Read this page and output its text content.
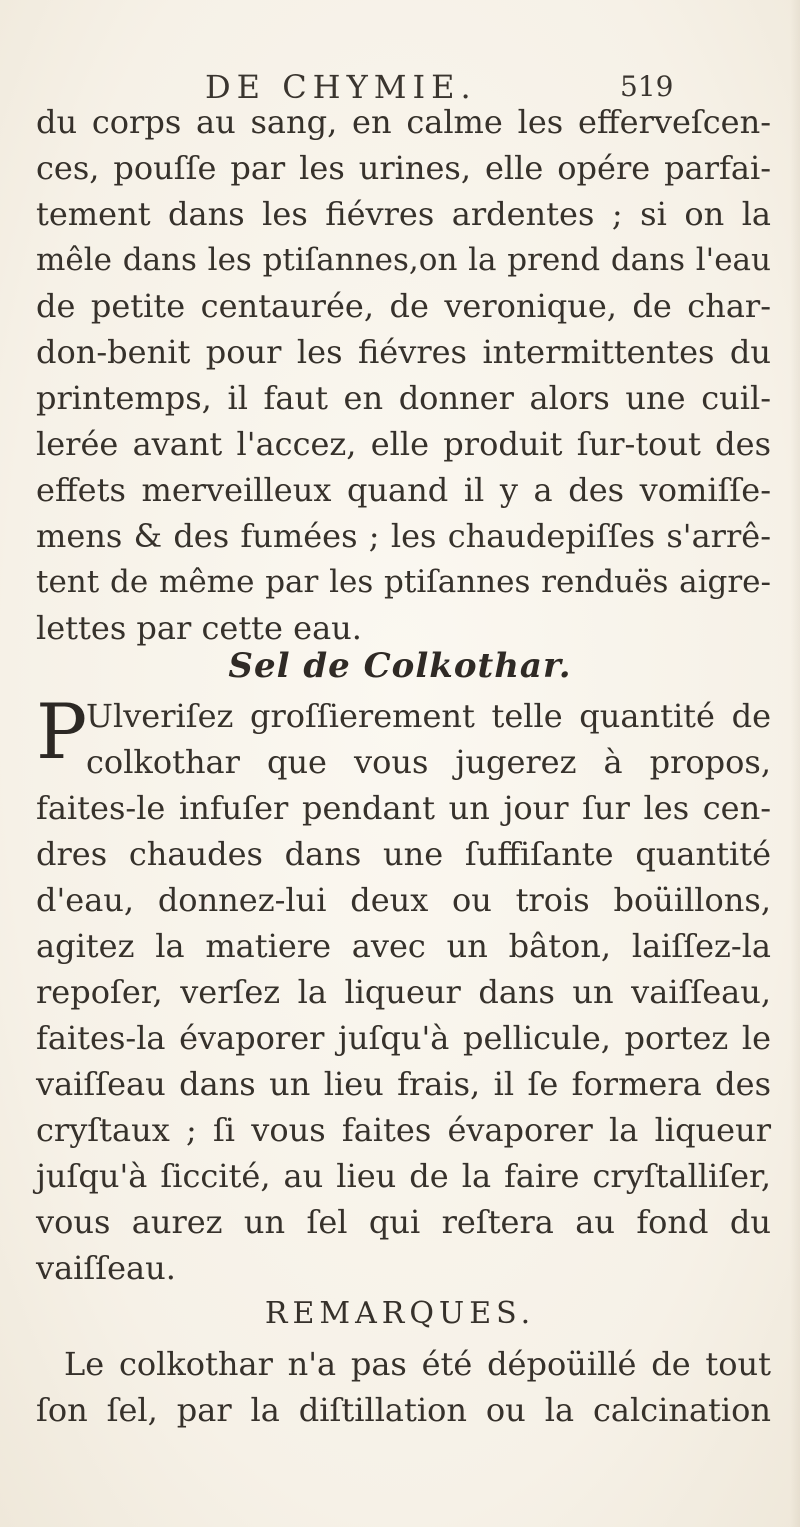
DE CHYMIE.	519
du corps au sang, en calme les efferveſcen-
ces, pouſſe par les urines, elle opére parfai-
tement dans les fiévres ardentes ; si on la
mêle dans les ptiſannes,on la prend dans l'eau
de petite centaurée, de veronique, de char-
don-benit pour les fiévres intermittentes du
printemps, il faut en donner alors une cuil-
lerée avant l'accez, elle produit ſur-tout des
effets merveilleux quand il y a des vomiſſe-
mens & des fumées ; les chaudepiſſes s'arrê-
tent de même par les ptiſannes renduës aigre-
lettes par cette eau.
Sel de Colkothar.
P
Ulveriſez groſſierement telle quantité de
colkothar que vous jugerez à propos,
faites-le infuſer pendant un jour ſur les cen-
dres chaudes dans une ſuffiſante quantité
d'eau, donnez-lui deux ou trois boüillons,
agitez la matiere avec un bâton, laiſſez-la
repoſer, verſez la liqueur dans un vaiſſeau,
faites-la évaporer juſqu'à pellicule, portez le
vaiſſeau dans un lieu frais, il ſe formera des
cryſtaux ; ſi vous faites évaporer la liqueur
juſqu'à ſiccité, au lieu de la faire cryſtalliſer,
vous aurez un ſel qui reſtera au fond du
vaiſſeau.
REMARQUES.
Le colkothar n'a pas été dépoüillé de tout
ſon ſel, par la diſtillation ou la calcination
